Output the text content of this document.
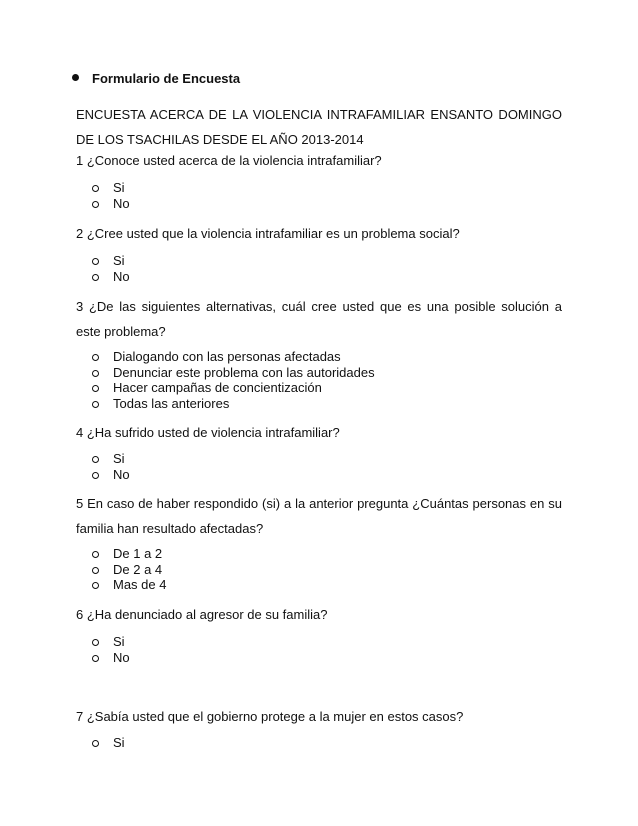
Formulario de Encuesta
ENCUESTA ACERCA DE LA VIOLENCIA INTRAFAMILIAR ENSANTO DOMINGO DE LOS TSACHILAS DESDE EL AÑO 2013-2014
1 ¿Conoce usted acerca de la violencia intrafamiliar?
Si
No
2 ¿Cree usted que la violencia intrafamiliar es un problema social?
Si
No
3 ¿De las siguientes alternativas, cuál cree usted que es una posible solución a este problema?
Dialogando con las personas afectadas
Denunciar este problema con las autoridades
Hacer campañas de concientización
Todas las anteriores
4 ¿Ha sufrido usted de violencia intrafamiliar?
Si
No
5 En caso de haber respondido (si) a la anterior pregunta ¿Cuántas personas en su familia han resultado afectadas?
De 1 a 2
De 2 a 4
Mas de 4
6 ¿Ha denunciado al agresor de su familia?
Si
No
7 ¿Sabía usted que el gobierno protege a la mujer en estos casos?
Si
